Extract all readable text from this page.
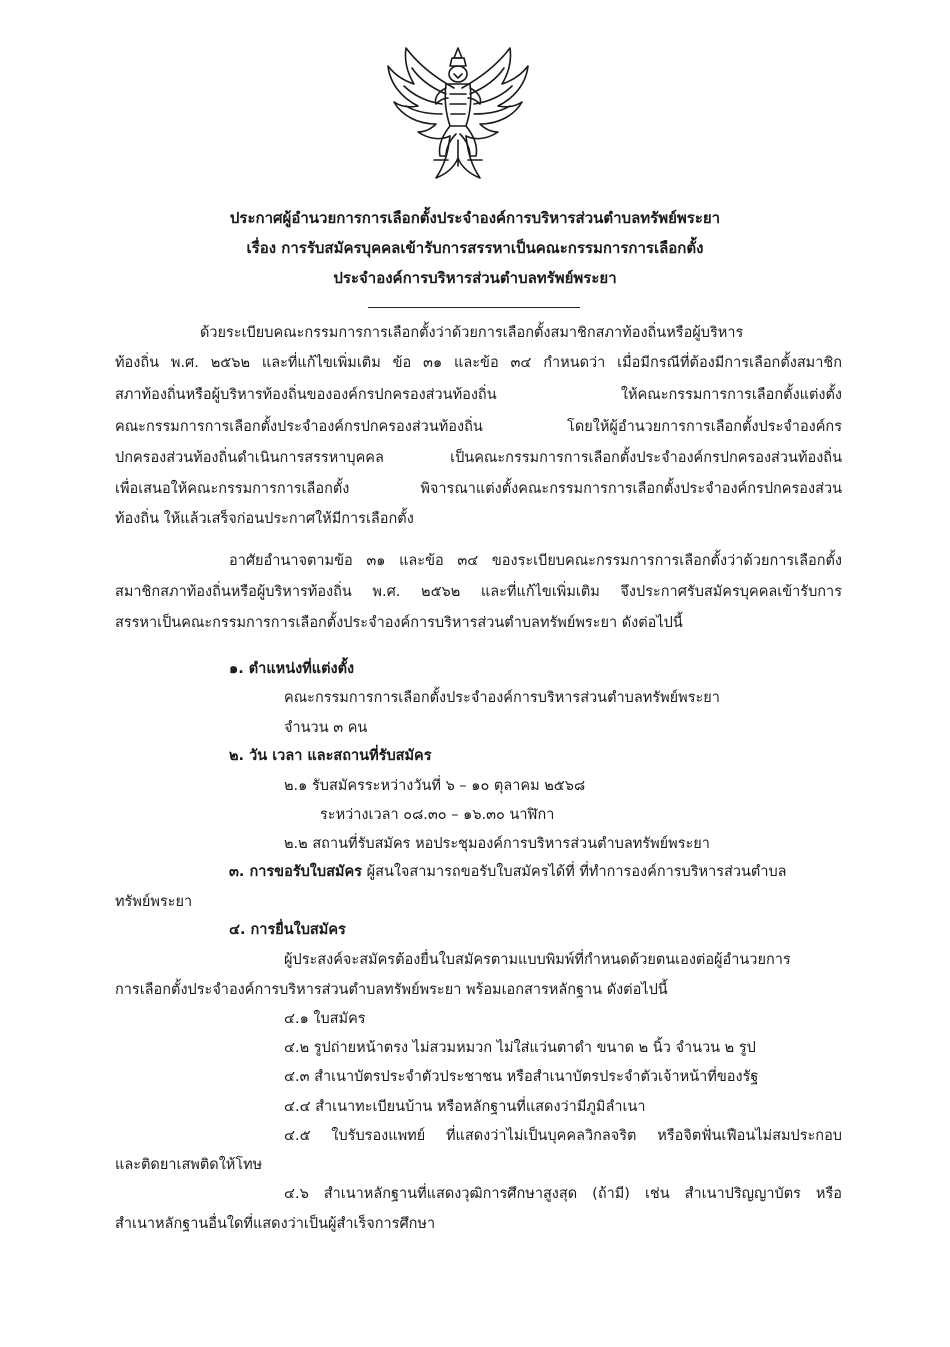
ประกาศผู้อำนวยการการเลือกตั้งประจำองค์การบริหารส่วนตำบลทรัพย์พระยา
เรื่อง การรับสมัครบุคคลเข้ารับการสรรหาเป็นคณะกรรมการการเลือกตั้ง
ประจำองค์การบริหารส่วนตำบลทรัพย์พระยา
ด้วยระเบียบคณะกรรมการการเลือกตั้งว่าด้วยการเลือกตั้งสมาชิกสภาท้องถิ่นหรือผู้บริหาร
ท้องถิ่น พ.ศ. ๒๕๖๒ และที่แก้ไขเพิ่มเติม ข้อ ๓๑ และข้อ ๓๔ กำหนดว่า เมื่อมีกรณีที่ต้องมีการเลือกตั้งสมาชิก
สภาท้องถิ่นหรือผู้บริหารท้องถิ่นขององค์กรปกครองส่วนท้องถิ่น ให้คณะกรรมการการเลือกตั้งแต่งตั้ง
คณะกรรมการการเลือกตั้งประจำองค์กรปกครองส่วนท้องถิ่น โดยให้ผู้อำนวยการการเลือกตั้งประจำองค์กร
ปกครองส่วนท้องถิ่นดำเนินการสรรหาบุคคล เป็นคณะกรรมการการเลือกตั้งประจำองค์กรปกครองส่วนท้องถิ่น
เพื่อเสนอให้คณะกรรมการการเลือกตั้ง พิจารณาแต่งตั้งคณะกรรมการการเลือกตั้งประจำองค์กรปกครองส่วน
ท้องถิ่น ให้แล้วเสร็จก่อนประกาศให้มีการเลือกตั้ง
อาศัยอำนาจตามข้อ ๓๑ และข้อ ๓๔ ของระเบียบคณะกรรมการการเลือกตั้งว่าด้วยการเลือกตั้ง
สมาชิกสภาท้องถิ่นหรือผู้บริหารท้องถิ่น พ.ศ. ๒๕๖๒ และที่แก้ไขเพิ่มเติม จึงประกาศรับสมัครบุคคลเข้ารับการ
สรรหาเป็นคณะกรรมการการเลือกตั้งประจำองค์การบริหารส่วนตำบลทรัพย์พระยา ดังต่อไปนี้
๑. ตำแหน่งที่แต่งตั้ง
คณะกรรมการการเลือกตั้งประจำองค์การบริหารส่วนตำบลทรัพย์พระยา
จำนวน ๓ คน
๒. วัน เวลา และสถานที่รับสมัคร
๒.๑ รับสมัครระหว่างวันที่ ๖ – ๑๐ ตุลาคม ๒๕๖๘
ระหว่างเวลา ๐๘.๓๐ – ๑๖.๓๐ นาฬิกา
๒.๒ สถานที่รับสมัคร หอประชุมองค์การบริหารส่วนตำบลทรัพย์พระยา
๓. การขอรับใบสมัคร ผู้สนใจสามารถขอรับใบสมัครได้ที่ ที่ทำการองค์การบริหารส่วนตำบล
ทรัพย์พระยา
๔. การยื่นใบสมัคร
ผู้ประสงค์จะสมัครต้องยื่นใบสมัครตามแบบพิมพ์ที่กำหนดด้วยตนเองต่อผู้อำนวยการ
การเลือกตั้งประจำองค์การบริหารส่วนตำบลทรัพย์พระยา พร้อมเอกสารหลักฐาน ดังต่อไปนี้
๔.๑ ใบสมัคร
๔.๒ รูปถ่ายหน้าตรง ไม่สวมหมวก ไม่ใส่แว่นตาดำ ขนาด ๒ นิ้ว จำนวน ๒ รูป
๔.๓ สำเนาบัตรประจำตัวประชาชน หรือสำเนาบัตรประจำตัวเจ้าหน้าที่ของรัฐ
๔.๔ สำเนาทะเบียนบ้าน หรือหลักฐานที่แสดงว่ามีภูมิลำเนา
๔.๕ ใบรับรองแพทย์ ที่แสดงว่าไม่เป็นบุคคลวิกลจริต หรือจิตฟั่นเฟือนไม่สมประกอบ
และติดยาเสพติดให้โทษ
๔.๖ สำเนาหลักฐานที่แสดงวุฒิการศึกษาสูงสุด (ถ้ามี) เช่น สำเนาปริญญาบัตร หรือ
สำเนาหลักฐานอื่นใดที่แสดงว่าเป็นผู้สำเร็จการศึกษา
